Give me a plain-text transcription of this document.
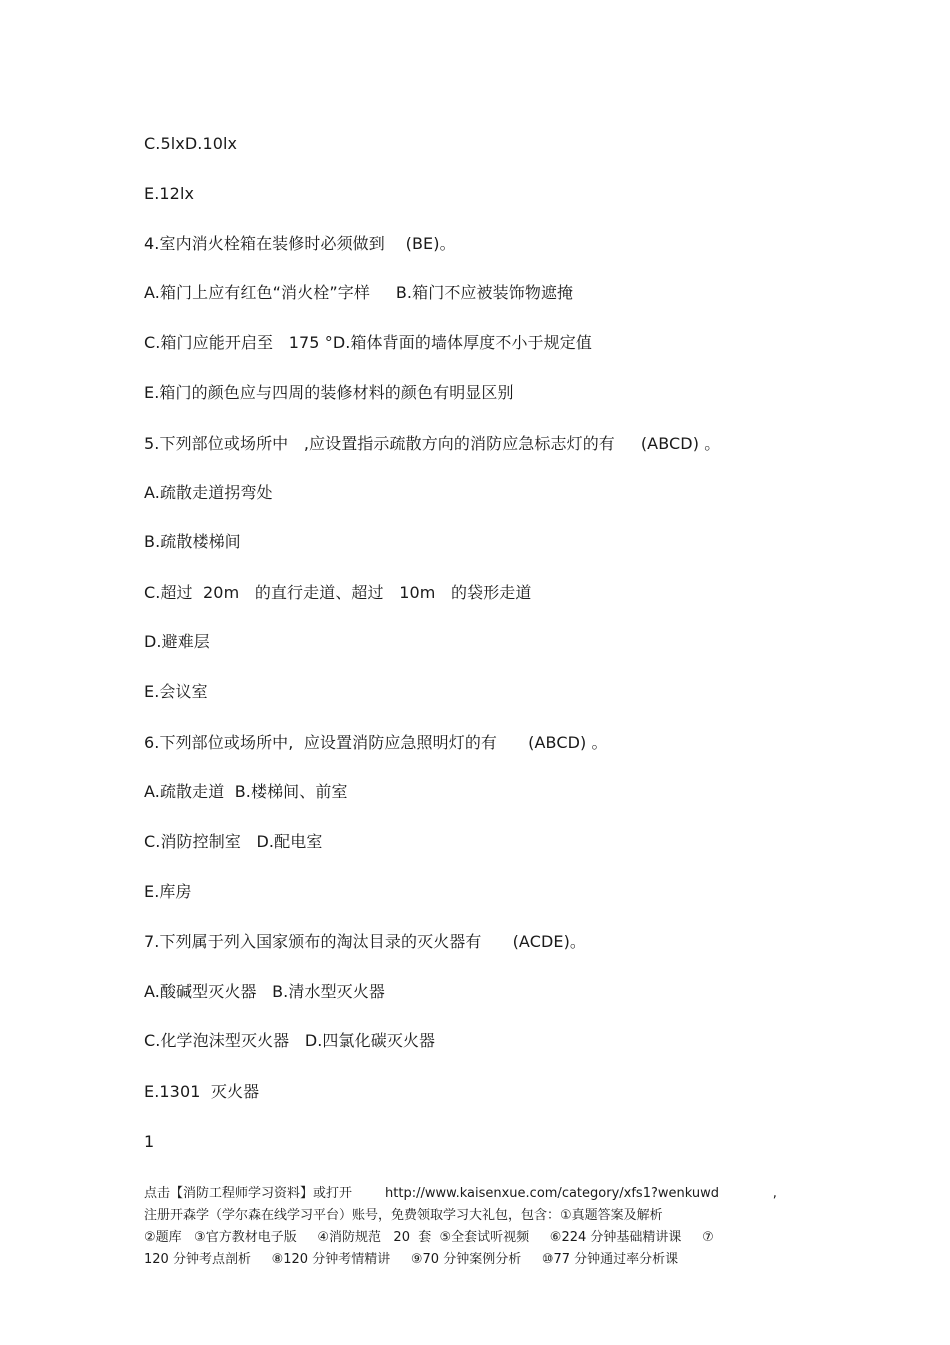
C.5lxD.10lx
E.12lx
4.室内消火栓箱在装修时必须做到    (BE)。
A.箱门上应有红色“消火栓”字样     B.箱门不应被装饰物遮掩
C.箱门应能开启至   175 °D.箱体背面的墙体厚度不小于规定值
E.箱门的颜色应与四周的装修材料的颜色有明显区别
5.下列部位或场所中   ,应设置指示疏散方向的消防应急标志灯的有     (ABCD) 。
A.疏散走道拐弯处
B.疏散楼梯间
C.超过  20m   的直行走道、超过   10m   的袋形走道
D.避难层
E.会议室
6.下列部位或场所中,  应设置消防应急照明灯的有      (ABCD) 。
A.疏散走道  B.楼梯间、前室
C.消防控制室   D.配电室
E.库房
7.下列属于列入国家颁布的淘汰目录的灭火器有      (ACDE)。
A.酸碱型灭火器   B.清水型灭火器
C.化学泡沫型灭火器   D.四氯化碳灭火器
E.1301  灭火器
1
点击【消防工程师学习资料】或打开        http://www.kaisenxue.com/category/xfs1?wenkuwd             ,
注册开森学（学尔森在线学习平台）账号，免费领取学习大礼包，包含：①真题答案及解析
②题库   ③官方教材电子版     ④消防规范   20  套  ⑤全套试听视频     ⑥224 分钟基础精讲课     ⑦
120 分钟考点剖析     ⑧120 分钟考情精讲     ⑨70 分钟案例分析     ⑩77 分钟通过率分析课
